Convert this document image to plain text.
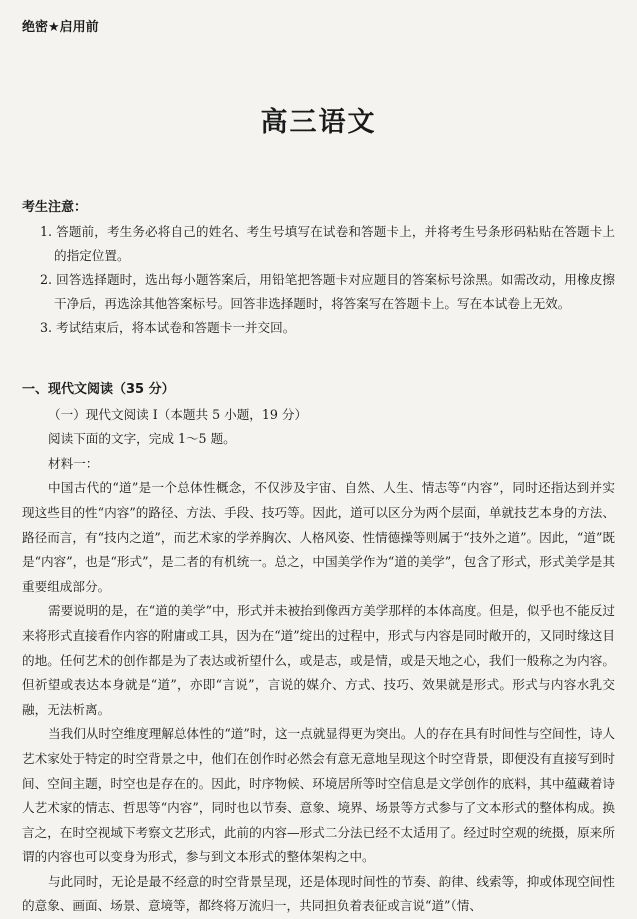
绝密★启用前
高三语文
考生注意：
1. 答题前，考生务必将自己的姓名、考生号填写在试卷和答题卡上，并将考生号条形码粘贴在答题卡上的指定位置。
2. 回答选择题时，选出每小题答案后，用铅笔把答题卡对应题目的答案标号涂黑。如需改动，用橡皮擦干净后，再选涂其他答案标号。回答非选择题时，将答案写在答题卡上。写在本试卷上无效。
3. 考试结束后，将本试卷和答题卡一并交回。
一、现代文阅读（35 分）
（一）现代文阅读 I（本题共 5 小题，19 分）
阅读下面的文字，完成 1～5 题。
材料一：
中国古代的“道”是一个总体性概念，不仅涉及宇宙、自然、人生、情志等“内容”，同时还指达到并实现这些目的性“内容”的路径、方法、手段、技巧等。因此，道可以区分为两个层面，单就技艺本身的方法、路径而言，有“技内之道”，而艺术家的学养胸次、人格风姿、性情德操等则属于“技外之道”。因此，“道”既是“内容”，也是“形式”，是二者的有机统一。总之，中国美学作为“道的美学”，包含了形式，形式美学是其重要组成部分。
需要说明的是，在“道的美学”中，形式并未被抬到像西方美学那样的本体高度。但是，似乎也不能反过来将形式直接看作内容的附庸或工具，因为在“道”绽出的过程中，形式与内容是同时敞开的，又同时缘这目的地。任何艺术的创作都是为了表达或祈望什么，或是志，或是情，或是天地之心，我们一般称之为内容。但祈望或表达本身就是“道”，亦即“言说”，言说的媒介、方式、技巧、效果就是形式。形式与内容水乳交融，无法析离。
当我们从时空维度理解总体性的“道”时，这一点就显得更为突出。人的存在具有时间性与空间性，诗人艺术家处于特定的时空背景之中，他们在创作时必然会有意无意地呈现这个时空背景，即便没有直接写到时间、空间主题，时空也是存在的。因此，时序物候、环境居所等时空信息是文学创作的底料，其中蕴藏着诗人艺术家的情志、哲思等“内容”，同时也以节奏、意象、境界、场景等方式参与了文本形式的整体构成。换言之，在时空视域下考察文艺形式，此前的内容—形式二分法已经不太适用了。经过时空观的统摄，原来所谓的内容也可以变身为形式，参与到文本形式的整体架构之中。
与此同时，无论是最不经意的时空背景呈现，还是体现时间性的节奏、韵律、线索等，抑或体现空间性的意象、画面、场景、意境等，都终将万流归一，共同担负着表征或言说“道”（情、
